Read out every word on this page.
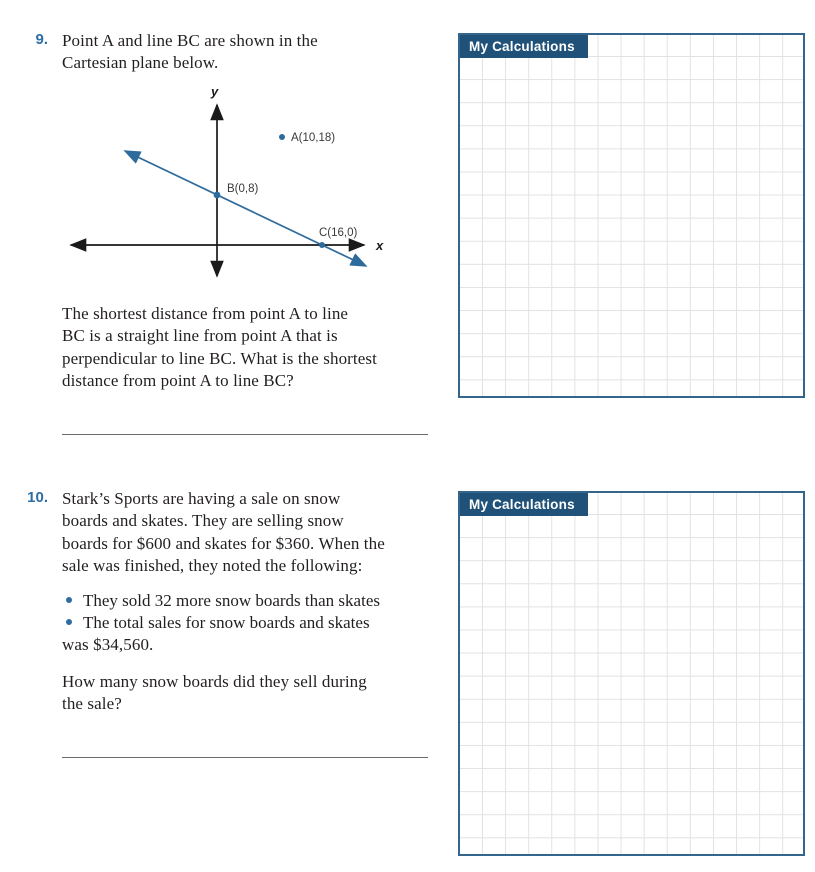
9. Point A and line BC are shown in the
Cartesian plane below.
y
x
A(10,18)
B(0,8)
C(16,0)
The shortest distance from point A to line
BC is a straight line from point A that is
perpendicular to line BC. What is the shortest
distance from point A to line BC?
My Calculations
10. Stark’s Sports are having a sale on snow
boards and skates. They are selling snow
boards for $600 and skates for $360. When the
sale was finished, they noted the following:
They sold 32 more snow boards than skates
The total sales for snow boards and skates
was $34,560.
How many snow boards did they sell during
the sale?
My Calculations
